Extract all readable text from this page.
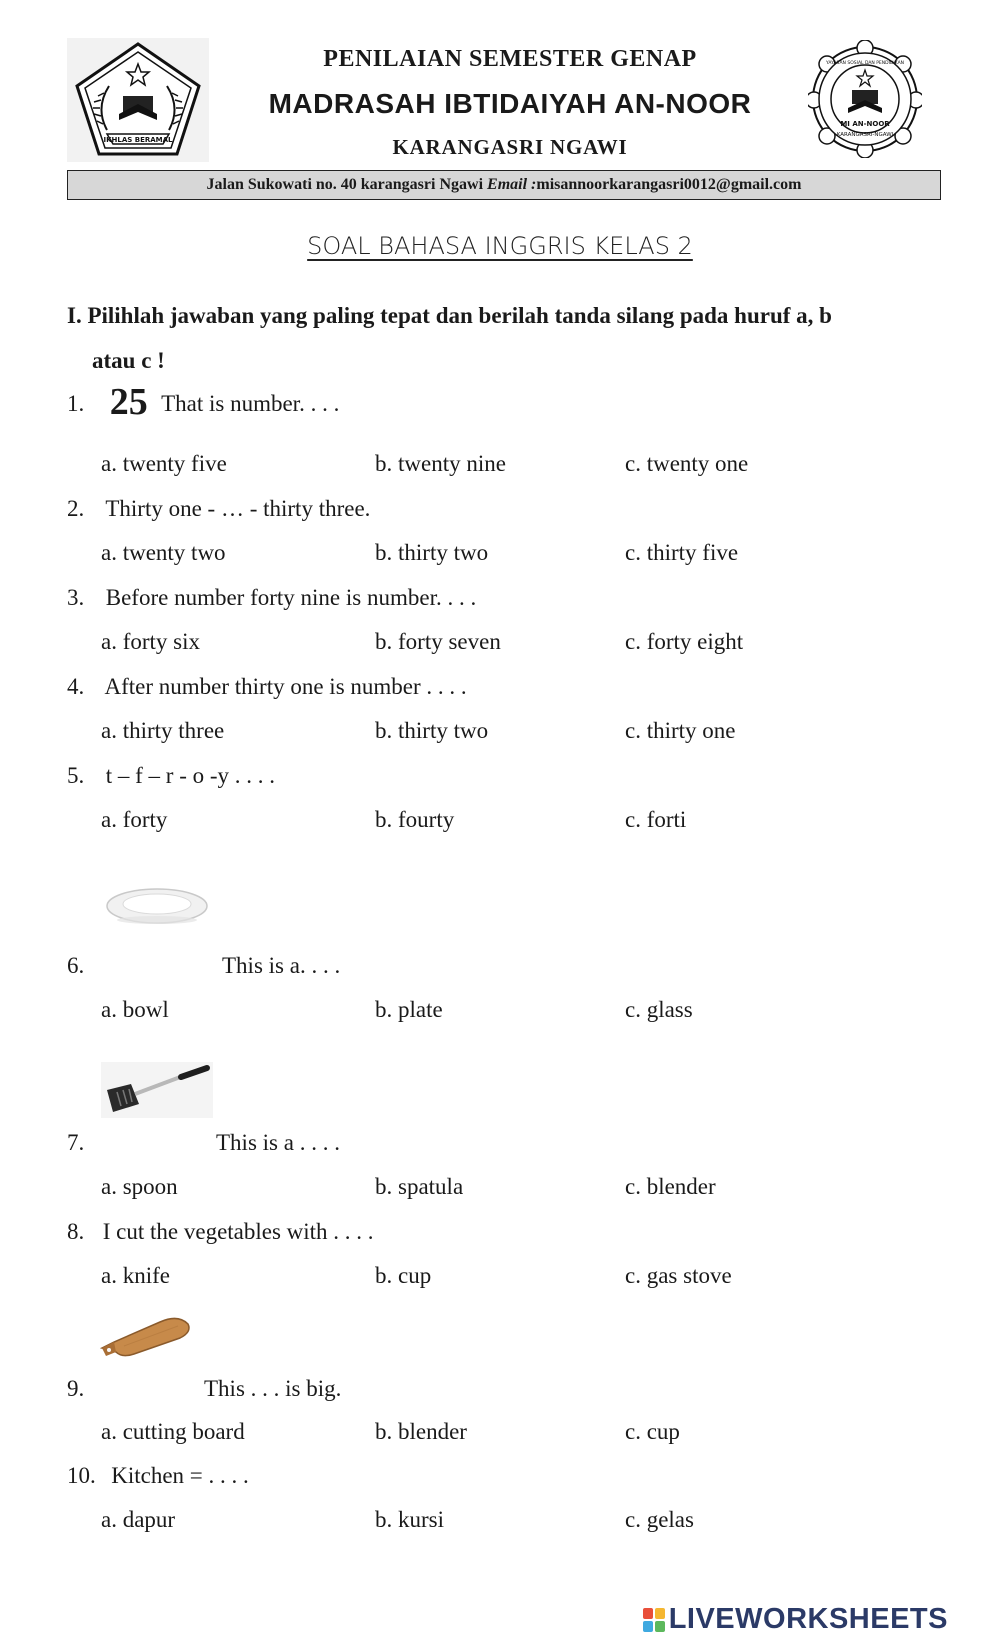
IKHLAS BERAMAL
PENILAIAN SEMESTER GENAP
MADRASAH IBTIDAIYAH AN-NOOR
KARANGASRI NGAWI
YAYASAN SOSIAL DAN PENDIDIKAN
MI AN-NOOR
KARANGASRI-NGAWI
Jalan Sukowati no. 40 karangasri Ngawi Email :misannoorkarangasri0012@gmail.com
SOAL BAHASA INGGRIS KELAS 2
I. Pilihlah jawaban yang paling tepat dan berilah tanda silang pada huruf a, b
atau c !
1. 25 That is number. . . .
a. twenty five	b. twenty nine	c. twenty one
2. Thirty one - … - thirty three.
a. twenty two	b. thirty two	c. thirty five
3. Before number forty nine is number. . . .
a. forty six	b. forty seven	c. forty eight
4. After number thirty one is number . . . .
a. thirty three	b. thirty two	c. thirty one
5. t – f – r - o -y . . . .
a. forty	b. fourty	c. forti
6.	This is a. . . .
a. bowl	b. plate	c. glass
7.	This is a . . . .
a. spoon	b. spatula	c. blender
8. I cut the vegetables with . . . .
a. knife	b. cup	c. gas stove
9.	This . . . is big.
a. cutting board	b. blender	c. cup
10. Kitchen = . . . .
a. dapur	b. kursi	c. gelas
LIVEWORKSHEETS
